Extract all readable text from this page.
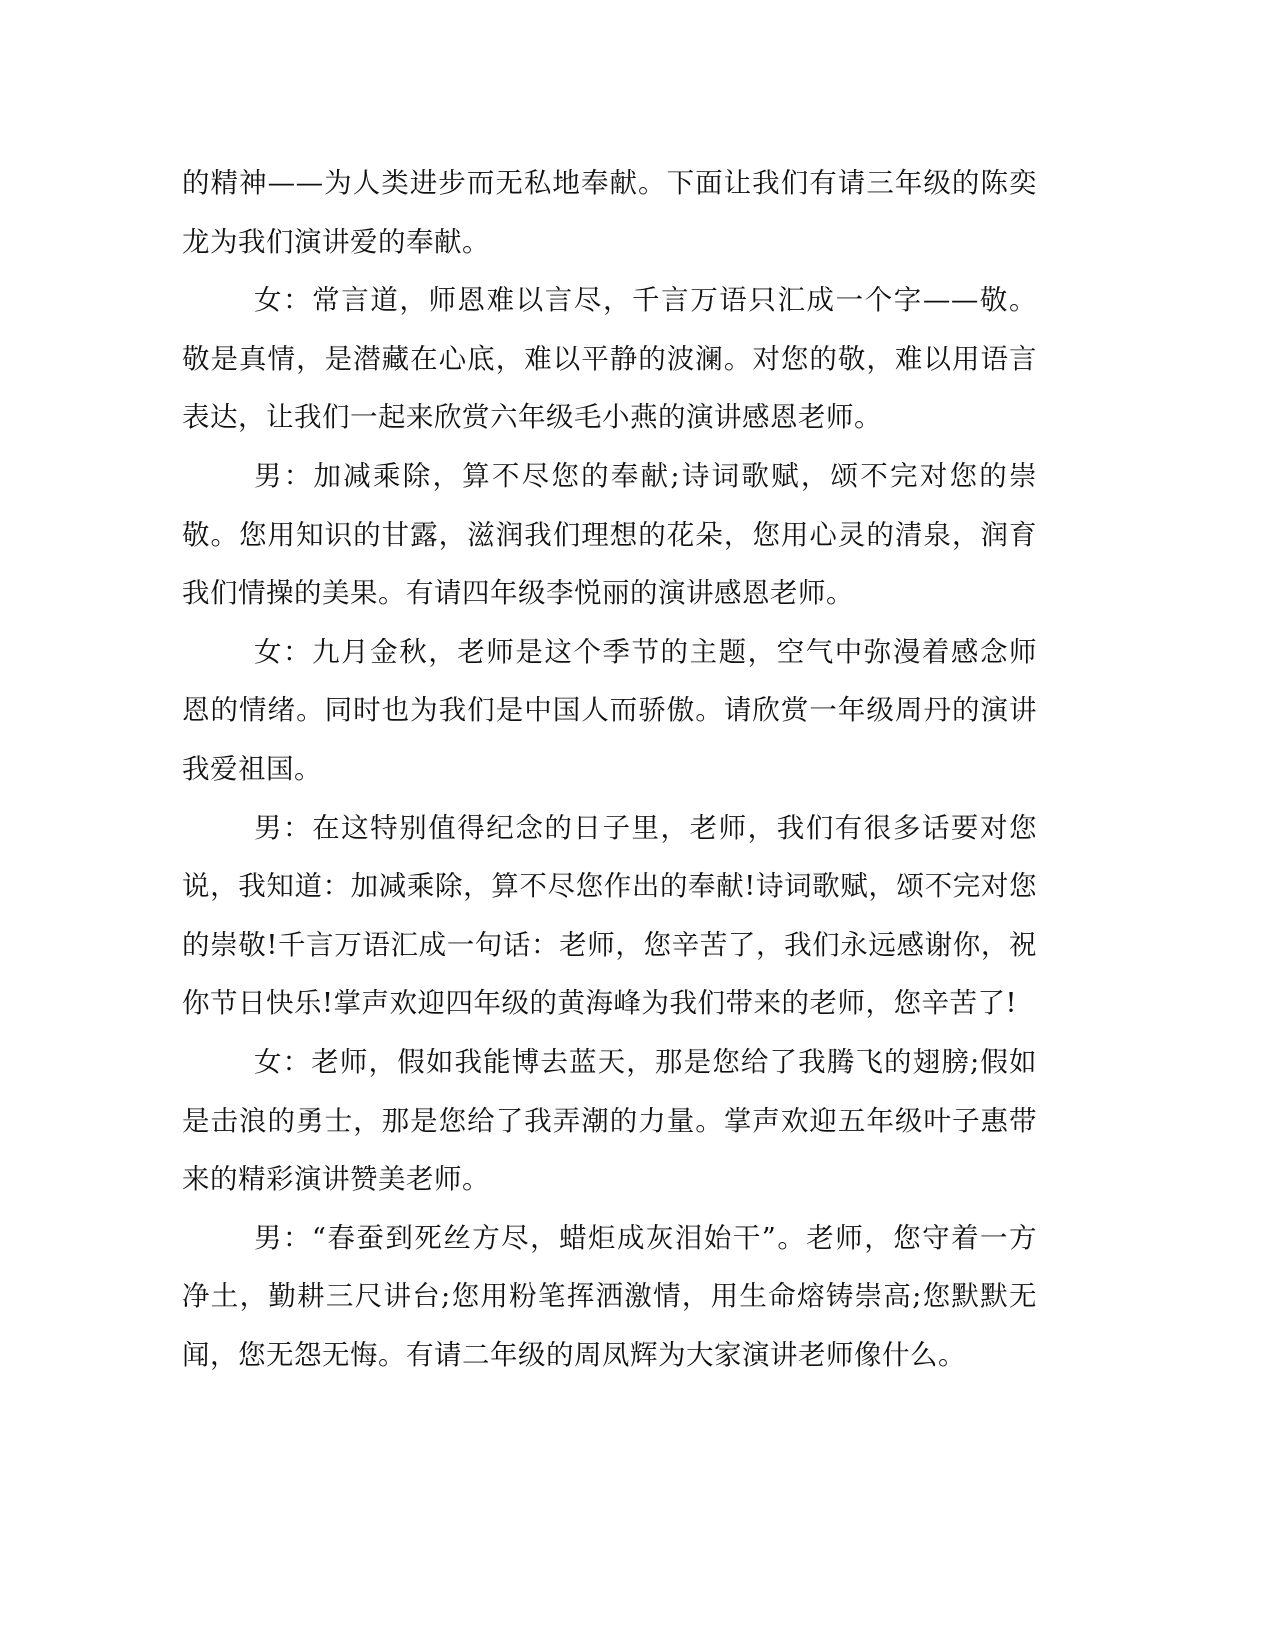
的精神——为人类进步而无私地奉献。下面让我们有请三年级的陈奕龙为我们演讲爱的奉献。

女：常言道，师恩难以言尽，千言万语只汇成一个字——敬。敬是真情，是潜藏在心底，难以平静的波澜。对您的敬，难以用语言表达，让我们一起来欣赏六年级毛小燕的演讲感恩老师。

男：加减乘除，算不尽您的奉献;诗词歌赋，颂不完对您的崇敬。您用知识的甘露，滋润我们理想的花朵，您用心灵的清泉，润育我们情操的美果。有请四年级李悦丽的演讲感恩老师。

女：九月金秋，老师是这个季节的主题，空气中弥漫着感念师恩的情绪。同时也为我们是中国人而骄傲。请欣赏一年级周丹的演讲我爱祖国。

男：在这特别值得纪念的日子里，老师，我们有很多话要对您说，我知道：加减乘除，算不尽您作出的奉献!诗词歌赋，颂不完对您的崇敬!千言万语汇成一句话：老师，您辛苦了，我们永远感谢你，祝你节日快乐!掌声欢迎四年级的黄海峰为我们带来的老师，您辛苦了!

女：老师，假如我能博去蓝天，那是您给了我腾飞的翅膀;假如是击浪的勇士，那是您给了我弄潮的力量。掌声欢迎五年级叶子惠带来的精彩演讲赞美老师。

男：“春蚕到死丝方尽，蜡炬成灰泪始干”。老师，您守着一方净土，勤耕三尺讲台;您用粉笔挥洒激情，用生命熔铸崇高;您默默无闻，您无怨无悔。有请二年级的周凤辉为大家演讲老师像什么。
